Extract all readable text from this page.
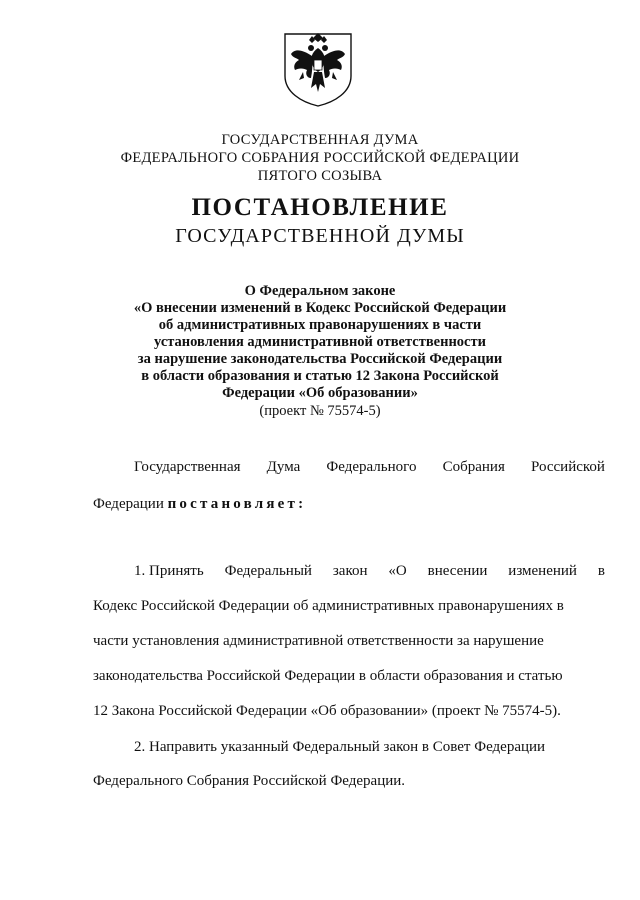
ГОСУДАРСТВЕННАЯ ДУМА
ФЕДЕРАЛЬНОГО СОБРАНИЯ РОССИЙСКОЙ ФЕДЕРАЦИИ
ПЯТОГО СОЗЫВА
ПОСТАНОВЛЕНИЕ
ГОСУДАРСТВЕННОЙ ДУМЫ
О Федеральном законе
«О внесении изменений в Кодекс Российской Федерации
об административных правонарушениях в части
установления административной ответственности
за нарушение законодательства Российской Федерации
в области образования и статью 12 Закона Российской
Федерации «Об образовании»
(проект № 75574-5)
Государственная Дума Федерального Собрания Российской
Федерации постановляет:
1. Принять Федеральный закон «О внесении изменений в
Кодекс Российской Федерации об административных правонарушениях в
части установления административной ответственности за нарушение
законодательства Российской Федерации в области образования и статью
12 Закона Российской Федерации «Об образовании» (проект № 75574-5).
2. Направить указанный Федеральный закон в Совет Федерации
Федерального Собрания Российской Федерации.
